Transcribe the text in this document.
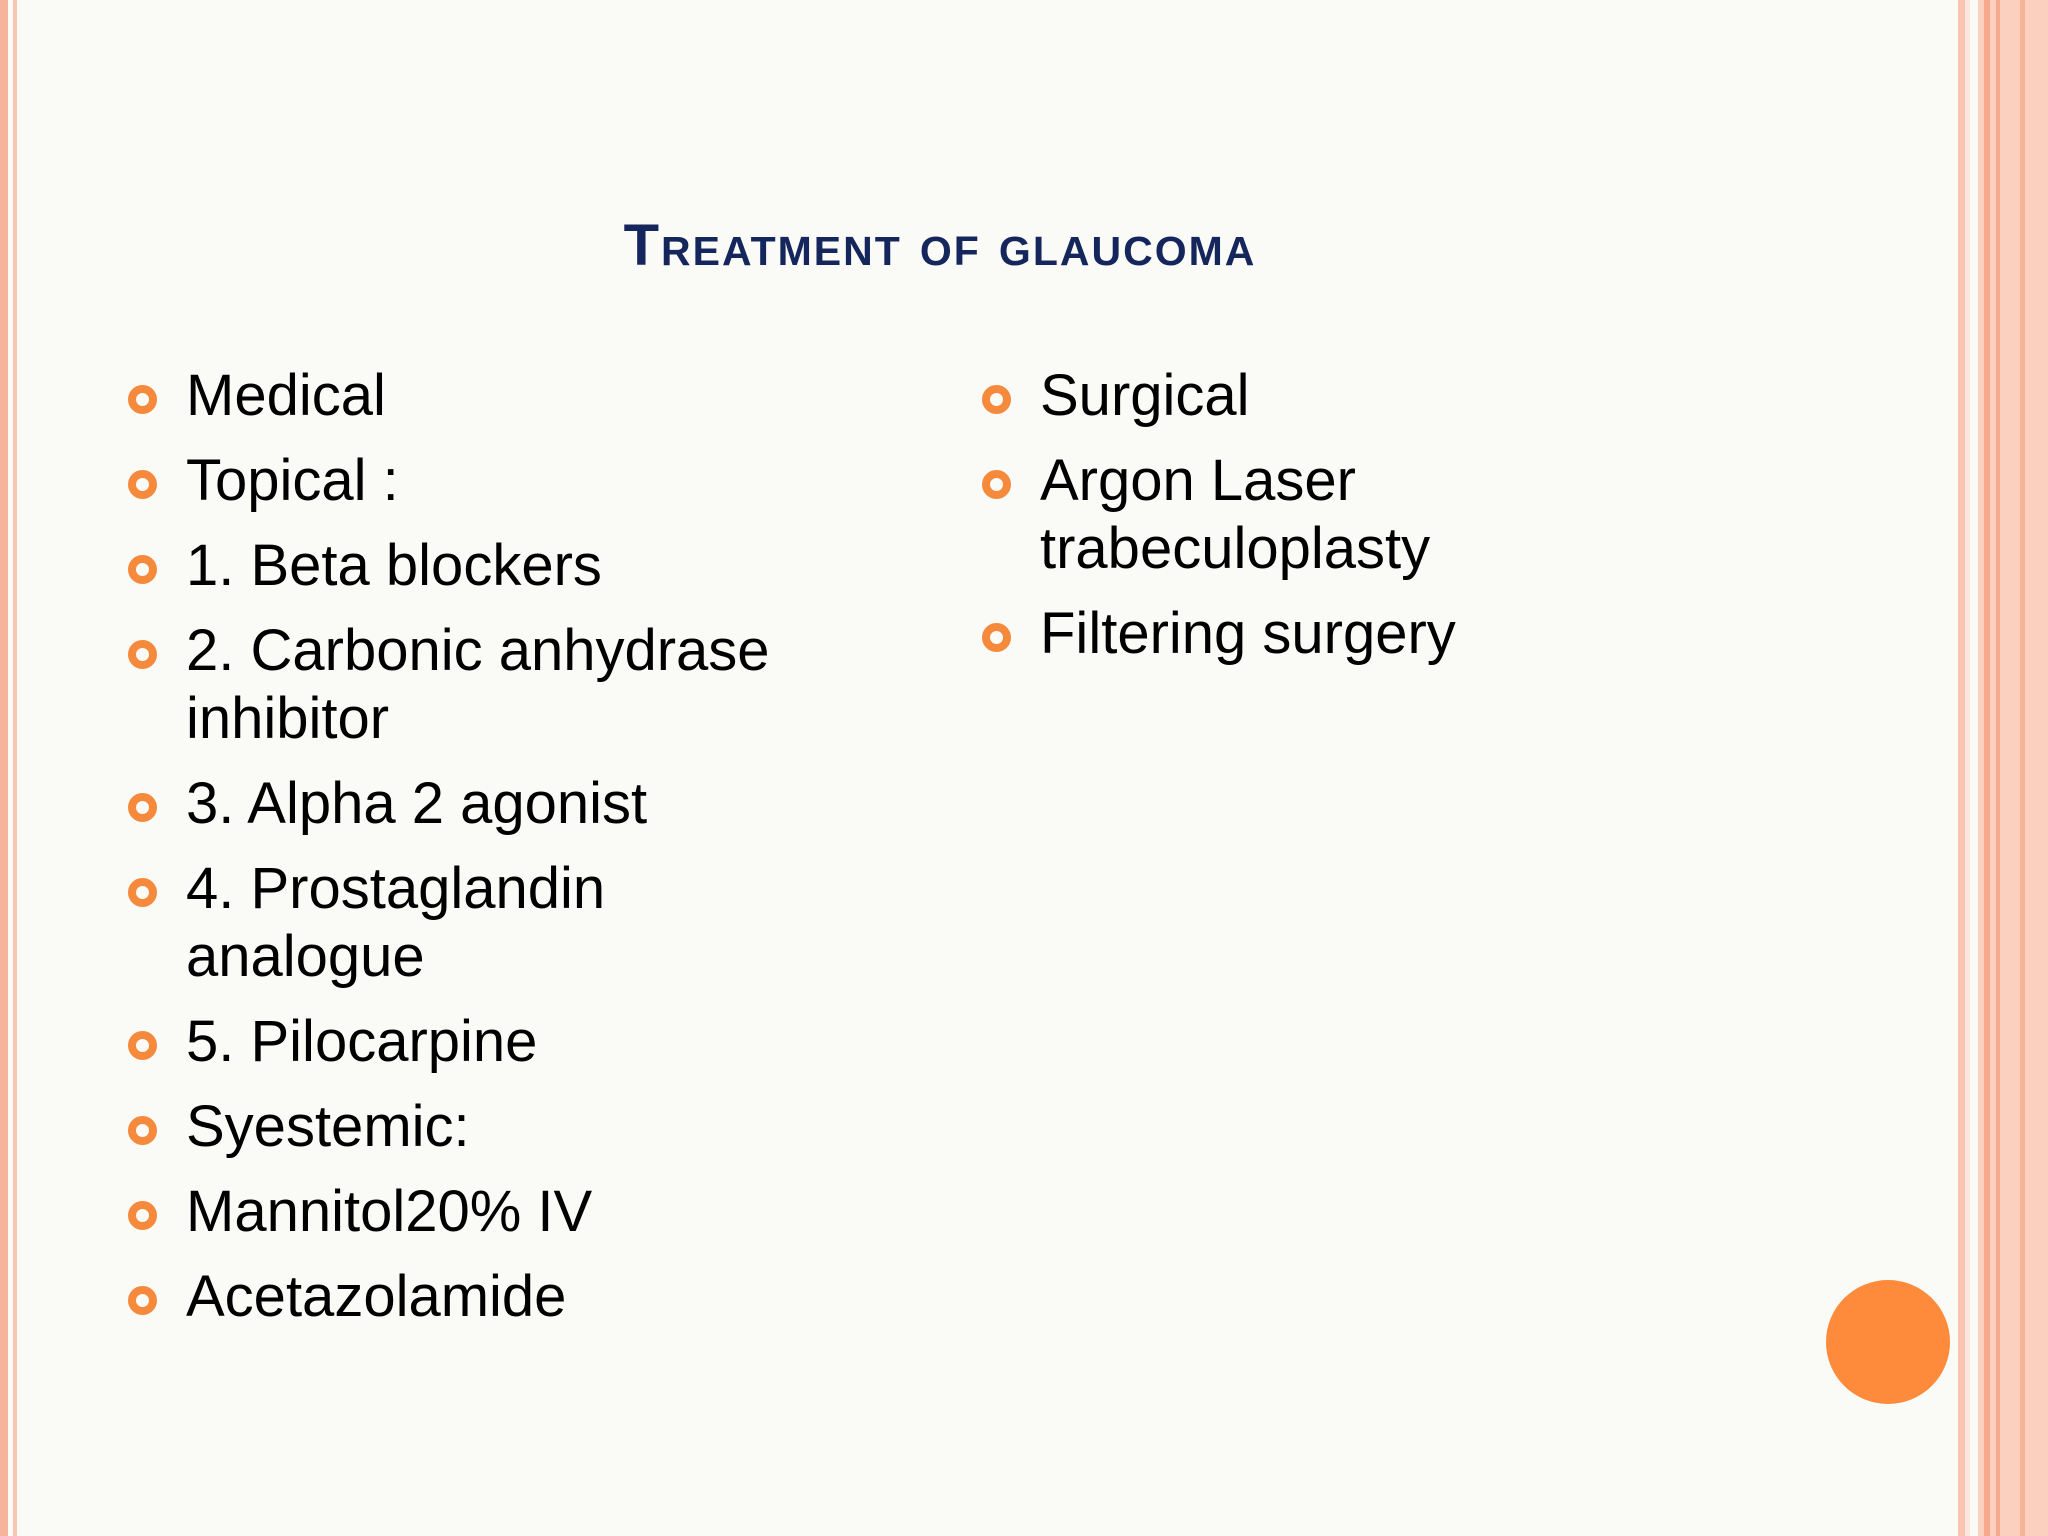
Treatment of glaucoma
Medical
Topical :
1. Beta blockers
2. Carbonic anhydrase
inhibitor
3. Alpha 2 agonist
4. Prostaglandin
analogue
5. Pilocarpine
Syestemic:
Mannitol20% IV
Acetazolamide
Surgical
Argon Laser
trabeculoplasty
Filtering surgery
